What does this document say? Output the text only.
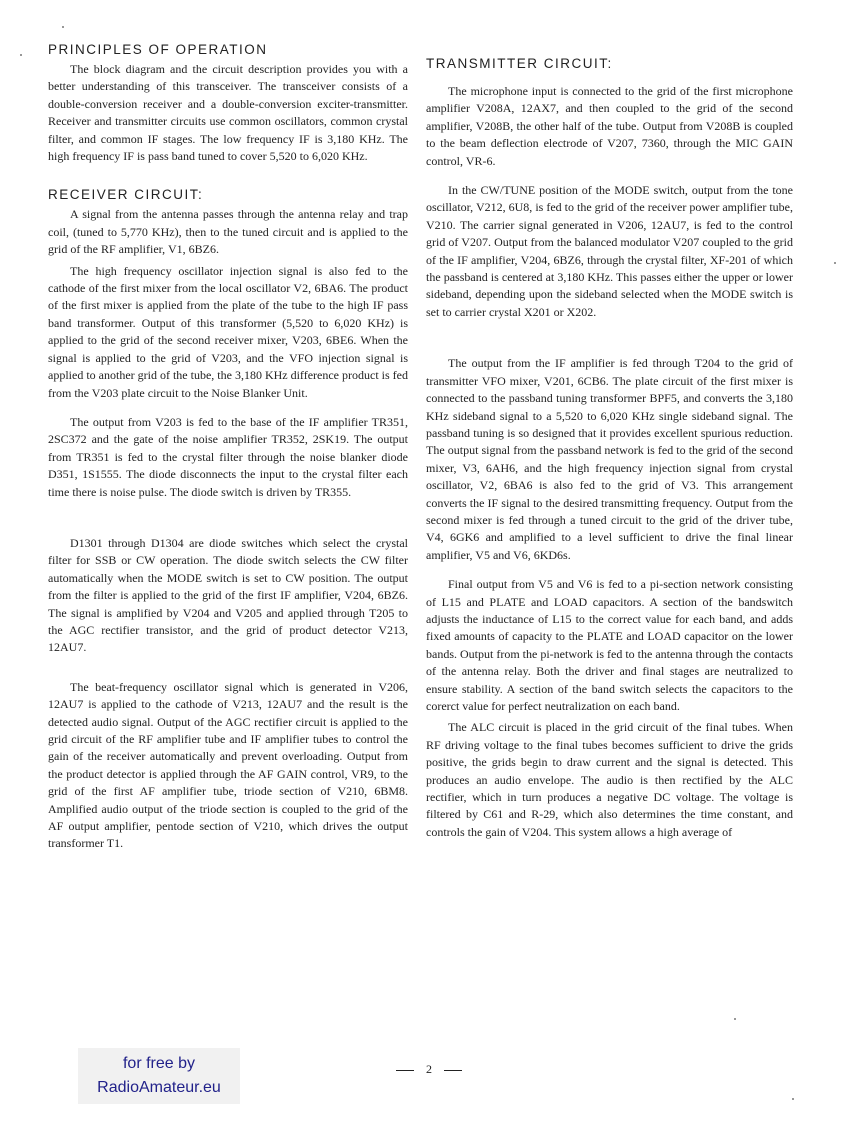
PRINCIPLES OF OPERATION

The block diagram and the circuit description provides you with a better understanding of this transceiver. The transceiver consists of a double-conversion receiver and a double-conversion exciter-transmitter. Receiver and transmitter circuits use common oscillators, common crystal filter, and common IF stages. The low frequency IF is 3,180 KHz. The high frequency IF is pass band tuned to cover 5,520 to 6,020 KHz.

RECEIVER CIRCUIT:

A signal from the antenna passes through the antenna relay and trap coil, (tuned to 5,770 KHz), then to the tuned circuit and is applied to the grid of the RF amplifier, V1, 6BZ6.

The high frequency oscillator injection signal is also fed to the cathode of the first mixer from the local oscillator V2, 6BA6. The product of the first mixer is applied from the plate of the tube to the high IF pass band transformer. Output of this transformer (5,520 to 6,020 KHz) is applied to the grid of the second receiver mixer, V203, 6BE6. When the signal is applied to the grid of V203, and the VFO injection signal is applied to another grid of the tube, the 3,180 KHz difference product is fed from the V203 plate circuit to the Noise Blanker Unit.

The output from V203 is fed to the base of the IF amplifier TR351, 2SC372 and the gate of the noise amplifier TR352, 2SK19. The output from TR351 is fed to the crystal filter through the noise blanker diode D351, 1S1555. The diode disconnects the input to the crystal filter each time there is noise pulse. The diode switch is driven by TR355.

D1301 through D1304 are diode switches which select the crystal filter for SSB or CW operation. The diode switch selects the CW filter automatically when the MODE switch is set to CW position. The output from the filter is applied to the grid of the first IF amplifier, V204, 6BZ6. The signal is amplified by V204 and V205 and applied through T205 to the AGC rectifier transistor, and the grid of product detector V213, 12AU7.

The beat-frequency oscillator signal which is generated in V206, 12AU7 is applied to the cathode of V213, 12AU7 and the result is the detected audio signal. Output of the AGC rectifier circuit is applied to the grid circuit of the RF amplifier tube and IF amplifier tubes to control the gain of the receiver automatically and prevent overloading. Output from the product detector is applied through the AF GAIN control, VR9, to the grid of the first AF amplifier tube, triode section of V210, 6BM8. Amplified audio output of the triode section is coupled to the grid of the AF output amplifier, pentode section of V210, which drives the output transformer T1.

TRANSMITTER CIRCUIT:

The microphone input is connected to the grid of the first microphone amplifier V208A, 12AX7, and then coupled to the grid of the second amplifier, V208B, the other half of the tube. Output from V208B is coupled to the beam deflection electrode of V207, 7360, through the MIC GAIN control, VR-6.

In the CW/TUNE position of the MODE switch, output from the tone oscillator, V212, 6U8, is fed to the grid of the receiver power amplifier tube, V210. The carrier signal generated in V206, 12AU7, is fed to the control grid of V207. Output from the balanced modulator V207 coupled to the grid of the IF amplifier, V204, 6BZ6, through the crystal filter, XF-201 of which the passband is centered at 3,180 KHz. This passes either the upper or lower sideband, depending upon the sideband selected when the MODE switch is set to carrier crystal X201 or X202.

The output from the IF amplifier is fed through T204 to the grid of transmitter VFO mixer, V201, 6CB6. The plate circuit of the first mixer is connected to the passband tuning transformer BPF5, and converts the 3,180 KHz sideband signal to a 5,520 to 6,020 KHz single sideband signal. The passband tuning is so designed that it provides excellent spurious reduction. The output signal from the passband network is fed to the grid of the second mixer, V3, 6AH6, and the high frequency injection signal from crystal oscillator, V2, 6BA6 is also fed to the grid of V3. This arrangement converts the IF signal to the desired transmitting frequency. Output from the second mixer is fed through a tuned circuit to the grid of the driver tube, V4, 6GK6 and amplified to a level sufficient to drive the final linear amplifier, V5 and V6, 6KD6s.

Final output from V5 and V6 is fed to a pi-section network consisting of L15 and PLATE and LOAD capacitors. A section of the bandswitch adjusts the inductance of L15 to the correct value for each band, and adds fixed amounts of capacity to the PLATE and LOAD capacitor on the lower bands. Output from the pi-network is fed to the antenna through the contacts of the antenna relay. Both the driver and final stages are neutralized to ensure stability. A section of the band switch selects the capacitors to the corerct value for perfect neutralization on each band.

The ALC circuit is placed in the grid circuit of the final tubes. When RF driving voltage to the final tubes becomes sufficient to drive the grids positive, the grids begin to draw current and the signal is detected. This produces an audio envelope. The audio is then rectified by the ALC rectifier, which in turn produces a negative DC voltage. The voltage is filtered by C61 and R-29, which also determines the time constant, and controls the gain of V204. This system allows a high average of

for free by
RadioAmateur.eu
2
